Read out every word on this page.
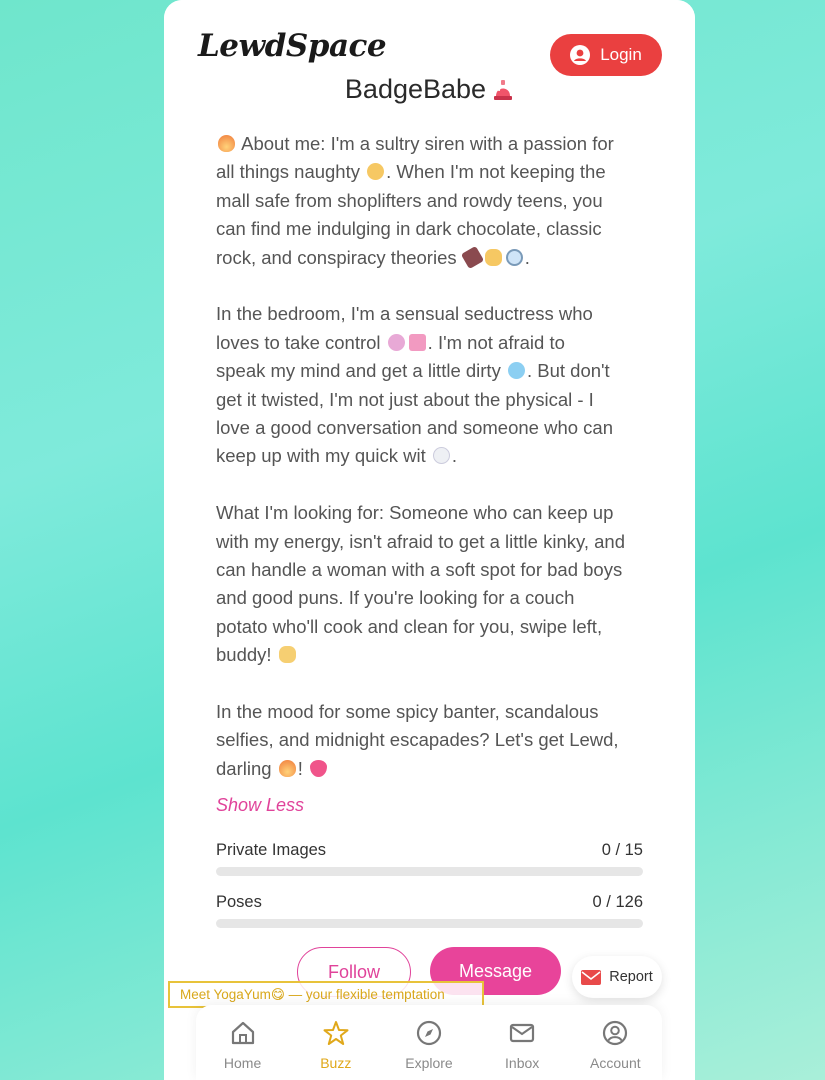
LewdSpace	Login
BadgeBabe

About me: I'm a sultry siren with a passion for
all things naughty . When I'm not keeping the
mall safe from shoplifters and rowdy teens, you
can find me indulging in dark chocolate, classic
rock, and conspiracy theories	.

In the bedroom, I'm a sensual seductress who
loves to take control	. I'm not afraid to
speak my mind and get a little dirty . But don't
get it twisted, I'm not just about the physical - I
love a good conversation and someone who can
keep up with my quick wit .

What I'm looking for: Someone who can keep up
with my energy, isn't afraid to get a little kinky, and
can handle a woman with a soft spot for bad boys
and good puns. If you're looking for a couch
potato who'll cook and clean for you, swipe left,
buddy!

In the mood for some spicy banter, scandalous
selfies, and midnight escapades? Let's get Lewd,
darling !

Show Less
Private Images	0 / 15
Poses	0 / 126
Follow	Message	Report
Meet YogaYum😋 — your flexible temptation
Home	Buzz	Explore	Inbox	Account
